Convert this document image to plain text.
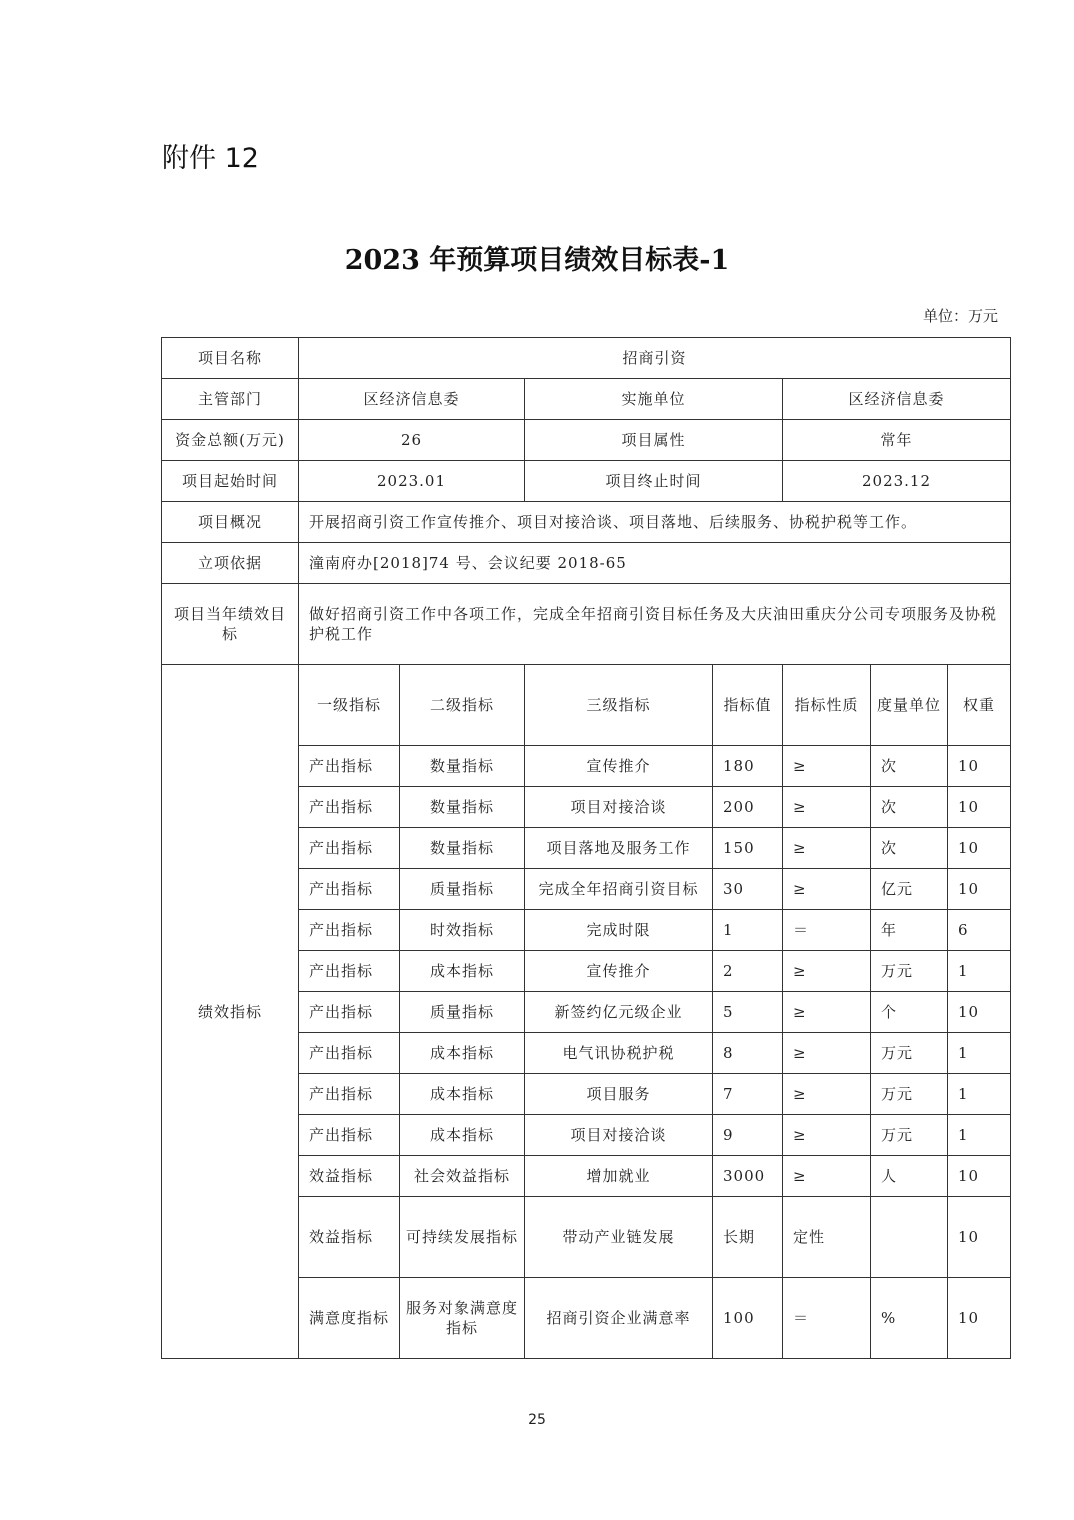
附件 12
2023 年预算项目绩效目标表-1
单位：万元
项目名称	招商引资						
主管部门	区经济信息委		实施单位		区经济信息委		
资金总额(万元)	26		项目属性		常年		
项目起始时间	2023.01		项目终止时间		2023.12		
项目概况	开展招商引资工作宣传推介、项目对接洽谈、项目落地、后续服务、协税护税等工作。						
立项依据	潼南府办[2018]74 号、会议纪要 2018-65						
项目当年绩效目标	做好招商引资工作中各项工作，完成全年招商引资目标任务及大庆油田重庆分公司专项服务及协税护税工作						
绩效指标	一级指标	二级指标	三级指标	指标值	指标性质	度量单位	权重
	产出指标	数量指标	宣传推介	180	≥	次	10
	产出指标	数量指标	项目对接洽谈	200	≥	次	10
	产出指标	数量指标	项目落地及服务工作	150	≥	次	10
	产出指标	质量指标	完成全年招商引资目标	30	≥	亿元	10
	产出指标	时效指标	完成时限	1	＝	年	6
	产出指标	成本指标	宣传推介	2	≥	万元	1
	产出指标	质量指标	新签约亿元级企业	5	≥	个	10
	产出指标	成本指标	电气讯协税护税	8	≥	万元	1
	产出指标	成本指标	项目服务	7	≥	万元	1
	产出指标	成本指标	项目对接洽谈	9	≥	万元	1
	效益指标	社会效益指标	增加就业	3000	≥	人	10
	效益指标	可持续发展指标	带动产业链发展	长期	定性		10
	满意度指标	服务对象满意度指标	招商引资企业满意率	100	＝	%	10
25
